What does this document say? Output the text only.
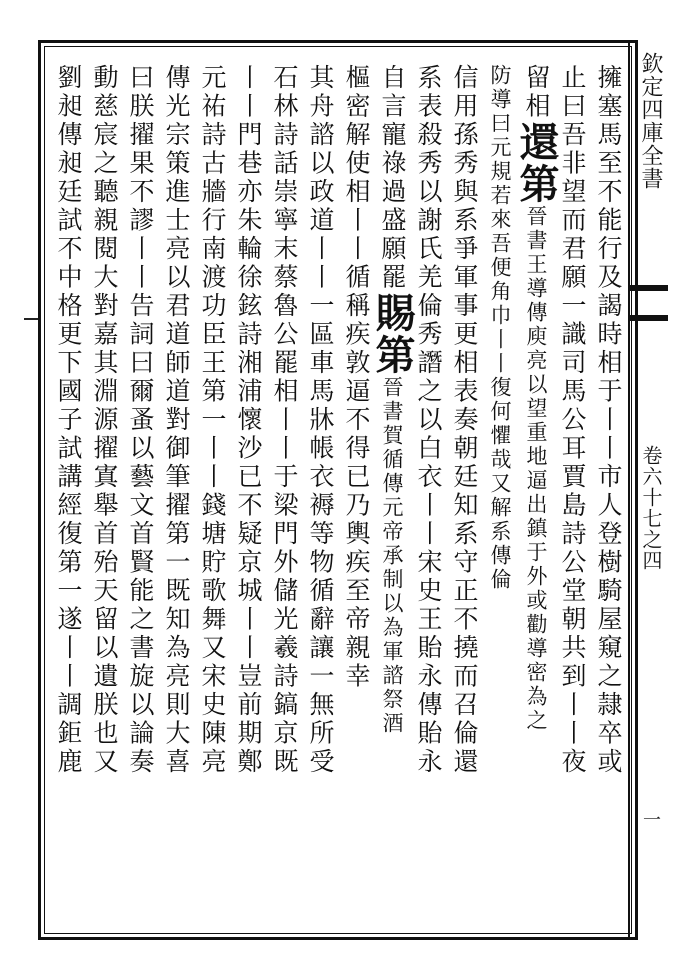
欽定四庫全書
卷六十七之四
一
擁塞馬至不能行及謁時相于丨丨市人登樹騎屋窺之隷卒或
止曰吾非望而君願一識司馬公耳賈島詩公堂朝共到丨丨夜
留相還第晉書王導傳庾亮以望重地逼出鎮于外或勸導密為之
防導曰元規若來吾便角巾丨丨復何懼哉又解系傳倫
信用孫秀與系爭軍事更相表奏朝廷知系守正不撓而召倫還
系表殺秀以謝氏羌倫秀譖之以白衣丨丨宋史王貽永傳貽永
自言寵祿過盛願罷賜第晉書賀循傳元帝承制以為軍諮祭酒
樞密解使相丨丨循稱疾敦逼不得已乃輿疾至帝親幸
其舟諮以政道丨丨一區車馬牀帳衣褥等物循辭讓一無所受
石林詩話崇寧末蔡魯公罷相丨丨于梁門外儲光羲詩鎬京既
丨丨門巷亦朱輪徐鉉詩湘浦懷沙已不疑京城丨丨豈前期鄭
元祐詩古牆行南渡功臣王第一丨丨錢塘貯歌舞又宋史陳亮
傳光宗策進士亮以君道師道對御筆擢第一既知為亮則大喜
曰朕擢果不謬丨丨告詞曰爾蚤以藝文首賢能之書旋以論奏
動慈宸之聽親閱大對嘉其淵源擢寘舉首殆天留以遺朕也又
劉昶傳昶廷試不中格更下國子試講經復第一遂丨丨調鉅鹿
